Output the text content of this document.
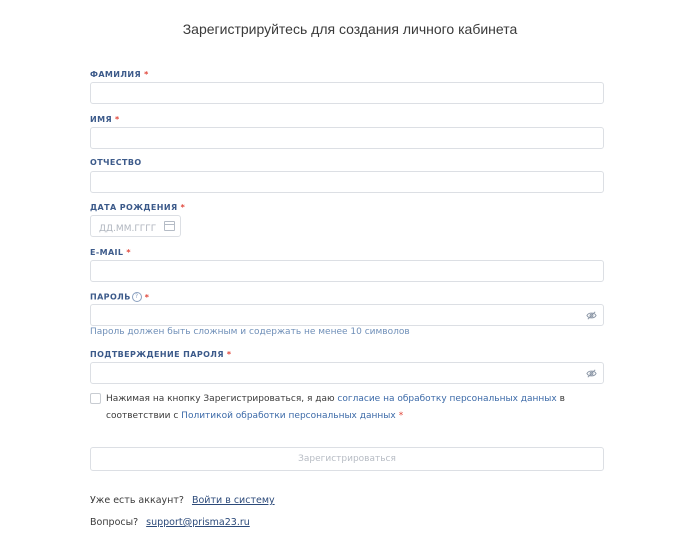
Зарегистрируйтесь для создания личного кабинета
ФАМИЛИЯ *
ИМЯ *
ОТЧЕСТВО
ДАТА РОЖДЕНИЯ *
ДД.ММ.ГГГГ
E-MAIL *
ПАРОЛЬ ? *
Пароль должен быть сложным и содержать не менее 10 символов
ПОДТВЕРЖДЕНИЕ ПАРОЛЯ *
Нажимая на кнопку Зарегистрироваться, я даю согласие на обработку персональных данных в соответствии с Политикой обработки персональных данных *
Зарегистрироваться
Уже есть аккаунт? Войти в систему
Вопросы? support@prisma23.ru
